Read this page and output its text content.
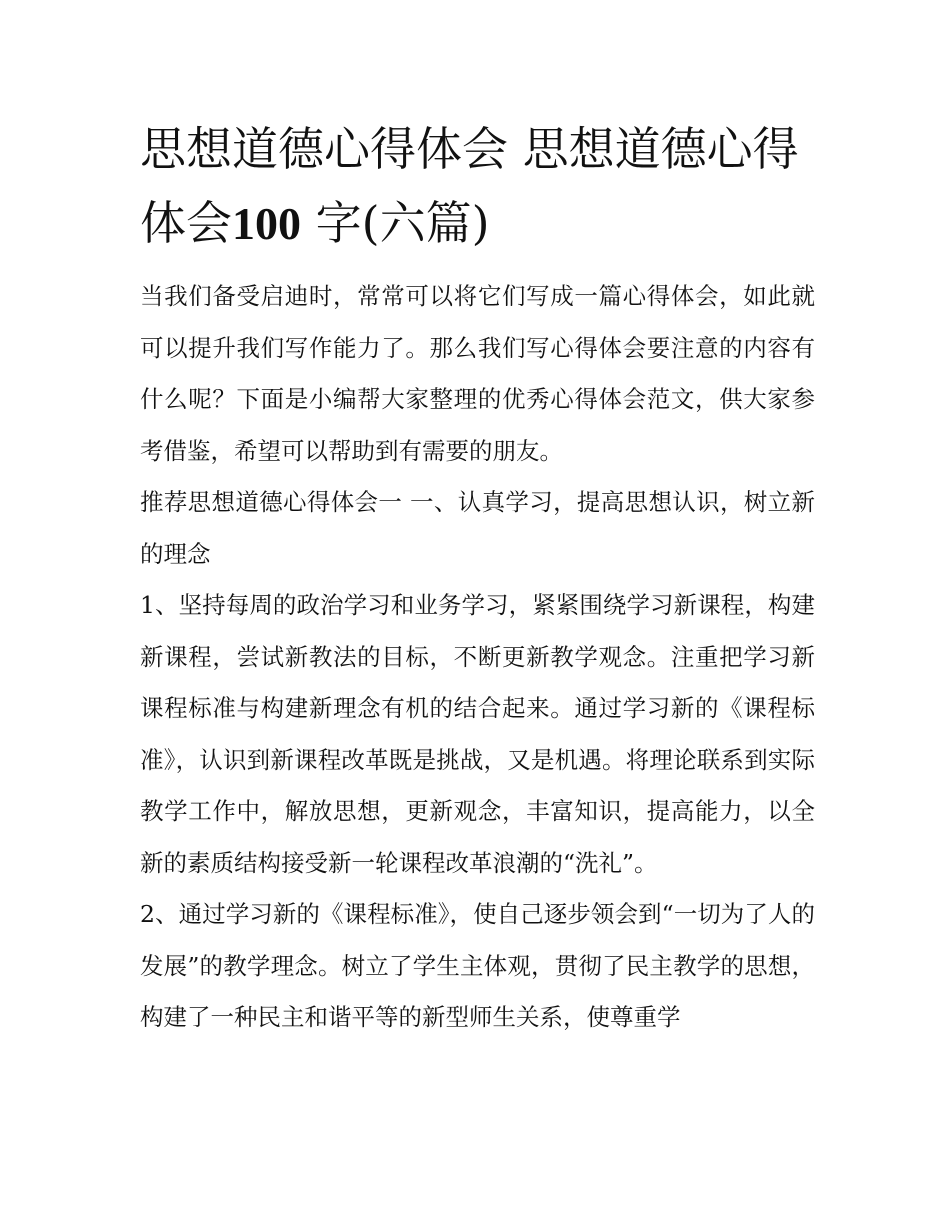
思想道德心得体会 思想道德心得体会100 字(六篇)

当我们备受启迪时，常常可以将它们写成一篇心得体会，如此就可以提升我们写作能力了。那么我们写心得体会要注意的内容有什么呢？下面是小编帮大家整理的优秀心得体会范文，供大家参考借鉴，希望可以帮助到有需要的朋友。

推荐思想道德心得体会一 一、认真学习，提高思想认识，树立新的理念

1、坚持每周的政治学习和业务学习，紧紧围绕学习新课程，构建新课程，尝试新教法的目标，不断更新教学观念。注重把学习新课程标准与构建新理念有机的结合起来。通过学习新的《课程标准》，认识到新课程改革既是挑战，又是机遇。将理论联系到实际教学工作中，解放思想，更新观念，丰富知识，提高能力，以全新的素质结构接受新一轮课程改革浪潮的“洗礼”。

2、通过学习新的《课程标准》，使自己逐步领会到“一切为了人的发展”的教学理念。树立了学生主体观，贯彻了民主教学的思想，构建了一种民主和谐平等的新型师生关系，使尊重学
